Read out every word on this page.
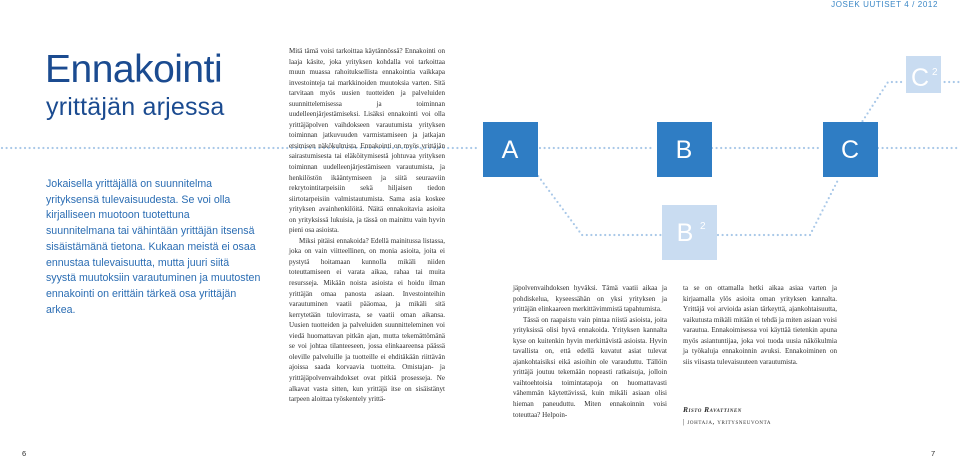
JOSEK UUTISET 4 / 2012
A	B	C
B 2
C 2
Ennakointi
yrittäjän arjessa
Jokaisella yrittäjällä on suunnitelma yrityksensä tulevaisuudesta. Se voi olla kirjalliseen muotoon tuotettuna suunnitelmana tai vähintään yrittäjän itsensä sisäistämänä tietona. Kukaan meistä ei osaa ennustaa tulevaisuutta, mutta juuri siitä syystä muutoksiin varautuminen ja muutosten ennakointi on erittäin tärkeä osa yrittäjän arkea.

Mitä tämä voisi tarkoittaa käytännössä? Ennakointi on laaja käsite, joka yrityksen kohdalla voi tarkoittaa muun muassa rahoituksellista ennakointia vaikkapa investointeja tai markkinoiden muutoksia varten. Sitä tarvitaan myös uusien tuotteiden ja palveluiden suunnittelemisessa ja toiminnan uudelleenjärjestämiseksi. Lisäksi ennakointi voi olla yrittäjäpolven vaihdokseen varautumista yrityksen toiminnan jatkuvuuden varmistamiseen ja jatkajan etsimisen näkökulmista. Ennakointi on myös yrittäjän sairastumisesta tai eläköitymisestä johtuvaa yrityksen toiminnan uudelleenjärjestämiseen varautumista, ja henkilöstön ikääntymiseen ja siitä seuraaviin rekrytointitarpeisiin sekä hiljaisen tiedon siirtotarpeisiin valmistautumista. Sama asia koskee yrityksen avainhenkilöitä. Näitä ennakoitavia asioita on yrityksissä lukuisia, ja tässä on mainittu vain hyvin pieni osa asioista.

Miksi pitäisi ennakoida? Edellä mainitussa listassa, joka on vain viitteellinen, on monia asioita, joita ei pystytä hoitamaan kunnolla mikäli niiden toteuttamiseen ei varata aikaa, rahaa tai muita resursseja. Mikään noista asioista ei hoidu ilman yrittäjän omaa panosta asiaan. Investointeihin varautuminen vaatii pääomaa, ja mikäli sitä kerrytetään tulovirrasta, se vaatii oman aikansa. Uusien tuotteiden ja palveluiden suunnitteleminen voi viedä huomattavan pitkän ajan, mutta tekemättömänä se voi johtaa tilanteeseen, jossa elinkaareensa päässä oleville palveluille ja tuotteille ei ehditäkään riittävän ajoissa saada korvaavia tuotteita. Omistajan- ja yrittäjäpolvenvaihdokset ovat pitkiä prosesseja. Ne alkavat vasta sitten, kun yrittäjä itse on sisäistänyt tarpeen aloittaa työskentely yrittä-

jäpolvenvaihdoksen hyväksi. Tämä vaatii aikaa ja pohdiskelua, kyseessähän on yksi yrityksen ja yrittäjän elinkaareen merkittävimmistä tapahtumista.

Tässä on raapaistu vain pintaa niistä asioista, joita yrityksissä olisi hyvä ennakoida. Yrityksen kannalta kyse on kuitenkin hyvin merkittävistä asioista. Hyvin tavallista on, että edellä kuvatut asiat tulevat ajankohtaisiksi eikä asioihin ole varauduttu. Tällöin yrittäjä joutuu tekemään nopeasti ratkaisuja, jolloin vaihtoehtoisia toimintatapoja on huomattavasti vähemmän käytettävissä, kuin mikäli asiaan olisi hieman paneuduttu. Miten ennakoinnin voisi toteuttaa? Helpoin-

ta se on ottamalla hetki aikaa asiaa varten ja kirjaamalla ylös asioita oman yrityksen kannalta. Yrittäjä voi arvioida asian tärkeyttä, ajankohtaisuutta, vaikutusta mikäli mitään ei tehdä ja miten asiaan voisi varautua. Ennakoimisessa voi käyttää tietenkin apuna myös asiantuntijaa, joka voi tuoda uusia näkökulmia ja työkaluja ennakoinnin avuksi. Ennakoiminen on siis viisasta tulevaisuuteen varautumista.

Risto Ravattinen
| johtaja, yritysneuvonta
6	7
